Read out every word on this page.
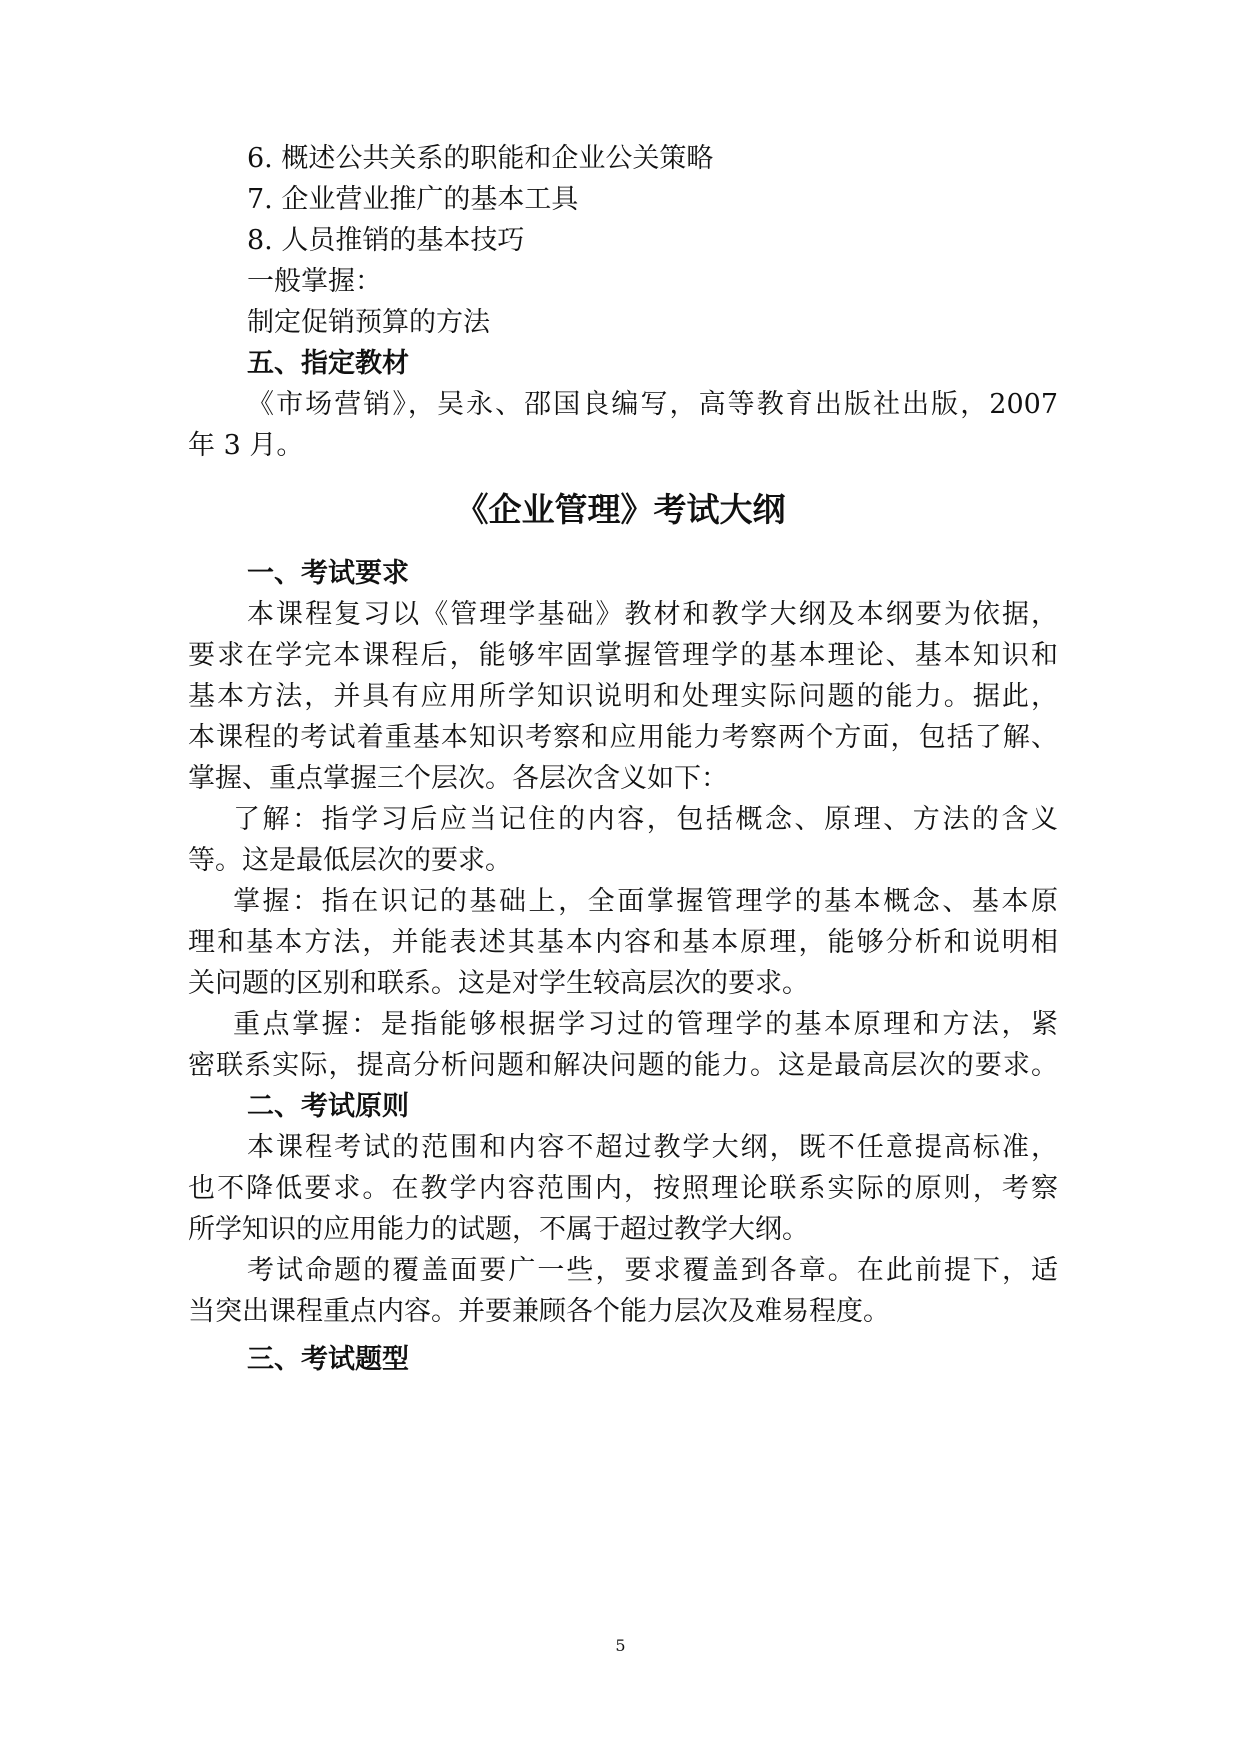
6. 概述公共关系的职能和企业公关策略
7. 企业营业推广的基本工具
8. 人员推销的基本技巧
一般掌握：
制定促销预算的方法
五、指定教材
《市场营销》，吴永、邵国良编写，高等教育出版社出版，2007
年 3 月。
《企业管理》考试大纲
一、考试要求
本课程复习以《管理学基础》教材和教学大纲及本纲要为依据，
要求在学完本课程后，能够牢固掌握管理学的基本理论、基本知识和
基本方法，并具有应用所学知识说明和处理实际问题的能力。据此，
本课程的考试着重基本知识考察和应用能力考察两个方面，包括了解、
掌握、重点掌握三个层次。各层次含义如下：
了解：指学习后应当记住的内容，包括概念、原理、方法的含义
等。这是最低层次的要求。
掌握：指在识记的基础上，全面掌握管理学的基本概念、基本原
理和基本方法，并能表述其基本内容和基本原理，能够分析和说明相
关问题的区别和联系。这是对学生较高层次的要求。
重点掌握：是指能够根据学习过的管理学的基本原理和方法，紧
密联系实际，提高分析问题和解决问题的能力。这是最高层次的要求。
二、考试原则
本课程考试的范围和内容不超过教学大纲，既不任意提高标准，
也不降低要求。在教学内容范围内，按照理论联系实际的原则，考察
所学知识的应用能力的试题，不属于超过教学大纲。
考试命题的覆盖面要广一些，要求覆盖到各章。在此前提下，适
当突出课程重点内容。并要兼顾各个能力层次及难易程度。
三、考试题型
5
